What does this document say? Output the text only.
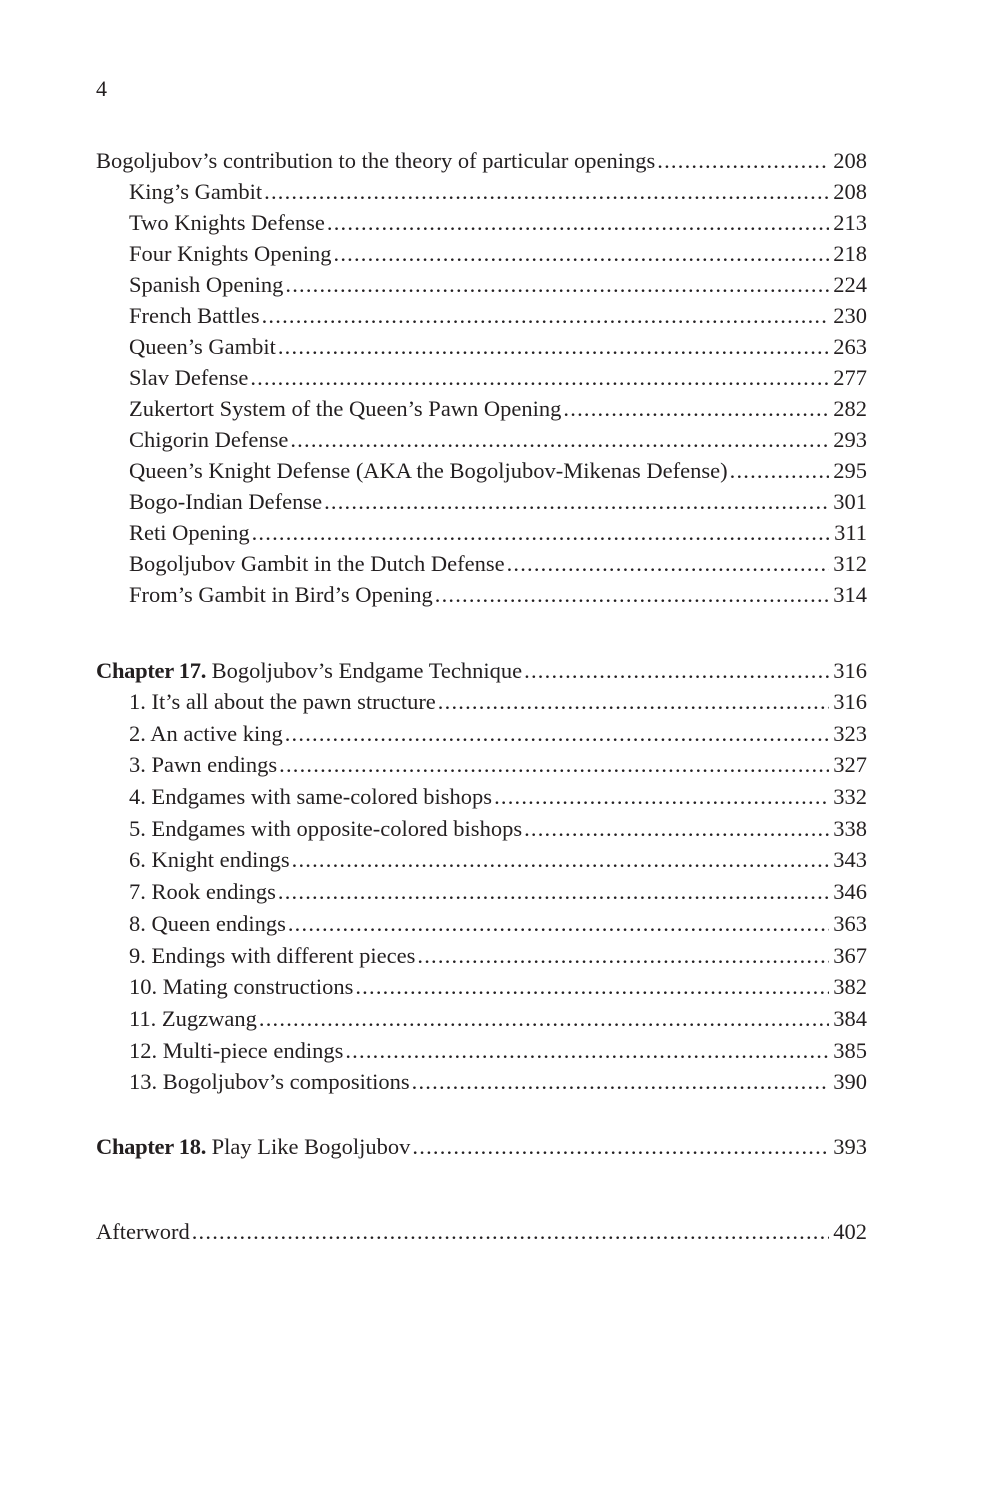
4
Bogoljubov’s contribution to the theory of particular openings .....	208
King’s Gambit .....	208
Two Knights Defense .....	213
Four Knights Opening .....	218
Spanish Opening .....	224
French Battles .....	230
Queen’s Gambit .....	263
Slav Defense .....	277
Zukertort System of the Queen’s Pawn Opening .....	282
Chigorin Defense .....	293
Queen’s Knight Defense (AKA the Bogoljubov-Mikenas Defense) .....	295
Bogo-Indian Defense .....	301
Reti Opening .....	311
Bogoljubov Gambit in the Dutch Defense .....	312
From’s Gambit in Bird’s Opening .....	314
Chapter 17. Bogoljubov’s Endgame Technique .....	316
1. It’s all about the pawn structure .....	316
2. An active king .....	323
3. Pawn endings .....	327
4. Endgames with same-colored bishops .....	332
5. Endgames with opposite-colored bishops .....	338
6. Knight endings .....	343
7. Rook endings .....	346
8. Queen endings .....	363
9. Endings with different pieces .....	367
10. Mating constructions .....	382
11. Zugzwang .....	384
12. Multi-piece endings .....	385
13. Bogoljubov’s compositions .....	390
Chapter 18. Play Like Bogoljubov .....	393
Afterword .....	402
